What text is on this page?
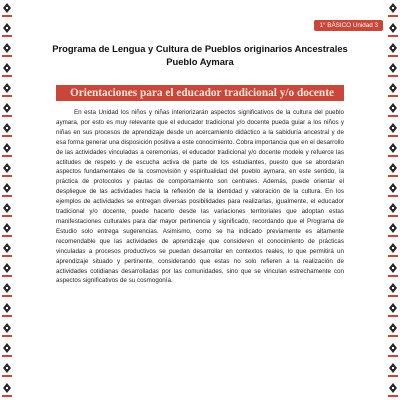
1° BÁSICO Unidad 3
Programa de Lengua y Cultura de Pueblos originarios Ancestrales
Pueblo Aymara
Orientaciones para el educador tradicional y/o docente
En esta Unidad los niños y niñas interiorizarán aspectos significativos de la cultura del pueblo aymara, por esto es muy relevante que el educador tradicional y/o docente pueda guiar a los niños y niñas en sus procesos de aprendizaje desde un acercamiento didáctico a la sabiduría ancestral y de esa forma generar una disposición positiva a este conocimiento. Cobra importancia que en el desarrollo de las actividades vinculadas a ceremonias, el educador tradicional y/o docente modele y refuerce las actitudes de respeto y de escucha activa de parte de los estudiantes, puesto que se abordarán aspectos fundamentales de la cosmovisión y espiritualidad del pueblo aymara, en este sentido, la práctica de protocolos y pautas de comportamiento son centrales. Además, puede orientar el despliegue de las actividades hacia la reflexión de la identidad y valoración de la cultura. En los ejemplos de actividades se entregan diversas posibilidades para realizarlas, igualmente, el educador tradicional y/o docente, puede hacerlo desde las variaciones territoriales que adoptan estas manifestaciones culturales para dar mayor pertinencia y significado, recordando que el Programa de Estudio solo entrega sugerencias. Asimismo, como se ha indicado previamente es altamente recomendable que las actividades de aprendizaje que consideren el conocimiento de prácticas vinculadas a procesos productivos se puedan desarrollar en contextos reales, lo que permitirá un aprendizaje situado y pertinente, considerando que estas no solo refieren a la realización de actividades cotidianas desarrolladas por las comunidades, sino que se vinculan estrechamente con aspectos significativos de su cosmogonía.
